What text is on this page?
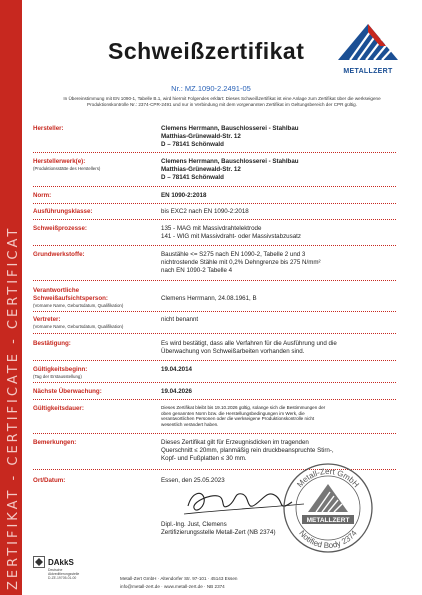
ZERTIFIKAT - CERTIFICATE - CERTIFICAT
Schweißzertifikat
METALLZERT
Nr.: MZ.1090-2.2491-05
In Übereinstimmung mit EN 1090-1, Tabelle B.1, wird hiermit Folgendes erklärt: Dieses Schweißzertifikat ist eine Anlage zum Zertifikat über die werkseigene Produktionskontrolle Nr.: 2374-CPR-2491 und nur in Verbindung mit dem vorgenannten Zertifikat im Geltungsbereich der CPR gültig.
Hersteller:	Clemens Herrmann, Bauschlosserei - Stahlbau
Matthias-Grünewald-Str. 12
D – 78141 Schönwald
Herstellerwerk(e):
(Produktionsstätte des Herstellers)
Clemens Herrmann, Bauschlosserei - Stahlbau
Matthias-Grünewald-Str. 12
D – 78141 Schönwald
Norm:	EN 1090-2:2018
Ausführungsklasse:	bis EXC2 nach EN 1090-2:2018
Schweißprozesse:	135 - MAG mit Massivdrahtelektrode
141 - WIG mit Massivdraht- oder Massivstabzusatz
Grundwerkstoffe:	Baustähle <= S275 nach EN 1090-2, Tabelle 2 und 3
nichtrostende Stähle mit 0,2% Dehngrenze bis 275 N/mm²
nach EN 1090-2 Tabelle 4
Verantwortliche
Schweißaufsichtsperson:
(Vorname Name, Geburtsdatum, Qualifikation)
Clemens Herrmann, 24.08.1961, B
Vertreter:
(Vorname Name, Geburtsdatum, Qualifikation)
nicht benannt
Bestätigung:	Es wird bestätigt, dass alle Verfahren für die Ausführung und die
Überwachung von Schweißarbeiten vorhanden sind.
Gültigkeitsbeginn:
(Tag der Erstausstellung)
19.04.2014
Nächste Überwachung:	19.04.2026
Gültigkeitsdauer:	Dieses Zertifikat bleibt bis 19.10.2026 gültig, solange sich die Bestimmungen der
oben genannten Norm bzw. die Herstellungsbedingungen im Werk, die
verantwortlichen Personen oder die werkseigene Produktionskontrolle nicht
wesentlich verändert haben.
Bemerkungen:	Dieses Zertifikat gilt für Erzeugnisdicken im tragenden
Querschnitt ≤ 20mm, planmäßig rein druckbeanspruchte Stirn-,
Kopf- und Fußplatten ≤ 30 mm.
Ort/Datum:	Essen, den 25.05.2023	Metall-Zert GmbH
Notified Body 2374
METALLZERT
Dipl.-Ing. Just, Clemens
Zertifizierungsstelle Metall-Zert (NB 2374)
DAkkS
Deutsche
Akkreditierungsstelle
D-ZE-19705-01-00	Metall-Zert GmbH · Altendorfer Str. 97-101 · 45143 Essen
info@metall-zert.de · www.metall-zert.de · NB 2374
